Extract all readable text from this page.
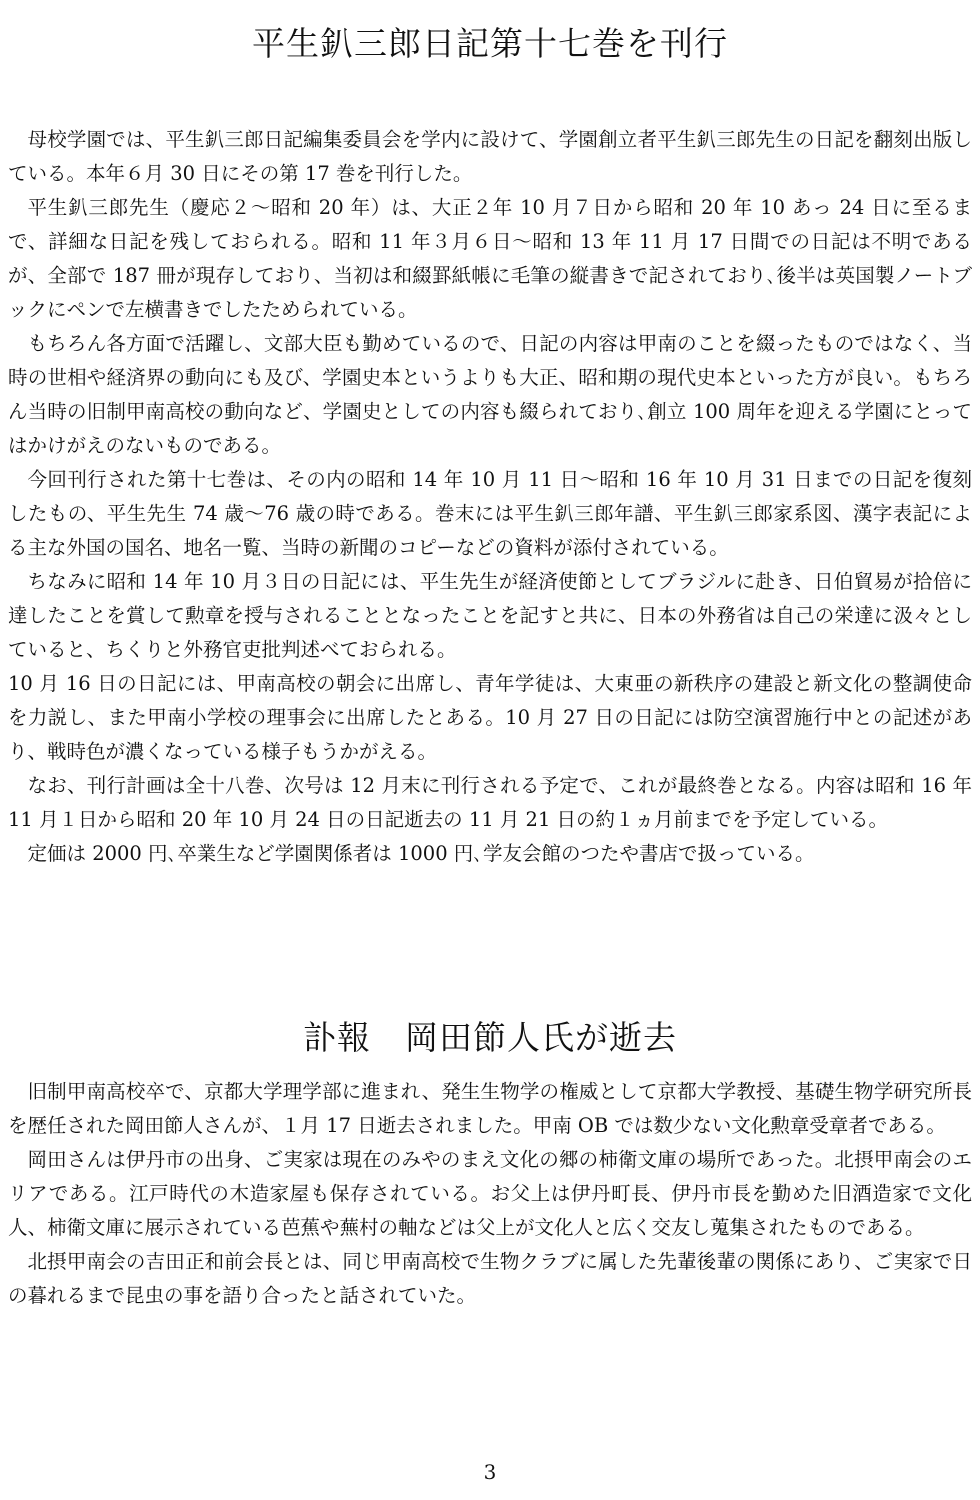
平生釟三郎日記第十七巻を刊行

母校学園では、平生釟三郎日記編集委員会を学内に設けて、学園創立者平生釟三郎先生の日記を翻刻出版している。本年６月 30 日にその第 17 巻を刊行した。

平生釟三郎先生（慶応２〜昭和 20 年）は、大正２年 10 月７日から昭和 20 年 10 あっ 24 日に至るまで、詳細な日記を残しておられる。昭和 11 年３月６日〜昭和 13 年 11 月 17 日間での日記は不明であるが、全部で 187 冊が現存しており、当初は和綴罫紙帳に毛筆の縦書きで記されており､後半は英国製ノートブックにペンで左横書きでしたためられている。

もちろん各方面で活躍し、文部大臣も勤めているので、日記の内容は甲南のことを綴ったものではなく、当時の世相や経済界の動向にも及び、学園史本というよりも大正、昭和期の現代史本といった方が良い。もちろん当時の旧制甲南高校の動向など、学園史としての内容も綴られており､創立 100 周年を迎える学園にとってはかけがえのないものである。

今回刊行された第十七巻は、その内の昭和 14 年 10 月 11 日〜昭和 16 年 10 月 31 日までの日記を復刻したもの、平生先生 74 歳〜76 歳の時である。巻末には平生釟三郎年譜、平生釟三郎家系図、漢字表記による主な外国の国名、地名一覧、当時の新聞のコピーなどの資料が添付されている。

ちなみに昭和 14 年 10 月３日の日記には、平生先生が経済使節としてブラジルに赴き、日伯貿易が拾倍に達したことを賞して勲章を授与されることとなったことを記すと共に、日本の外務省は自己の栄達に汲々としていると、ちくりと外務官吏批判述べておられる。

10 月 16 日の日記には、甲南高校の朝会に出席し、青年学徒は、大東亜の新秩序の建設と新文化の整調使命を力説し、また甲南小学校の理事会に出席したとある。10 月 27 日の日記には防空演習施行中との記述があり、戦時色が濃くなっている様子もうかがえる。

なお、刊行計画は全十八巻、次号は 12 月末に刊行される予定で、これが最終巻となる。内容は昭和 16 年 11 月１日から昭和 20 年 10 月 24 日の日記逝去の 11 月 21 日の約１ヵ月前までを予定している。

定価は 2000 円､卒業生など学園関係者は 1000 円､学友会館のつたや書店で扱っている。

訃報　岡田節人氏が逝去

旧制甲南高校卒で、京都大学理学部に進まれ、発生生物学の権威として京都大学教授、基礎生物学研究所長を歴任された岡田節人さんが、１月 17 日逝去されました。甲南 OB では数少ない文化勲章受章者である。

岡田さんは伊丹市の出身、ご実家は現在のみやのまえ文化の郷の柿衛文庫の場所であった。北摂甲南会のエリアである。江戸時代の木造家屋も保存されている。お父上は伊丹町長、伊丹市長を勤めた旧酒造家で文化人、柿衛文庫に展示されている芭蕉や蕪村の軸などは父上が文化人と広く交友し蒐集されたものである。

北摂甲南会の吉田正和前会長とは、同じ甲南高校で生物クラブに属した先輩後輩の関係にあり、ご実家で日の暮れるまで昆虫の事を語り合ったと話されていた。

3
